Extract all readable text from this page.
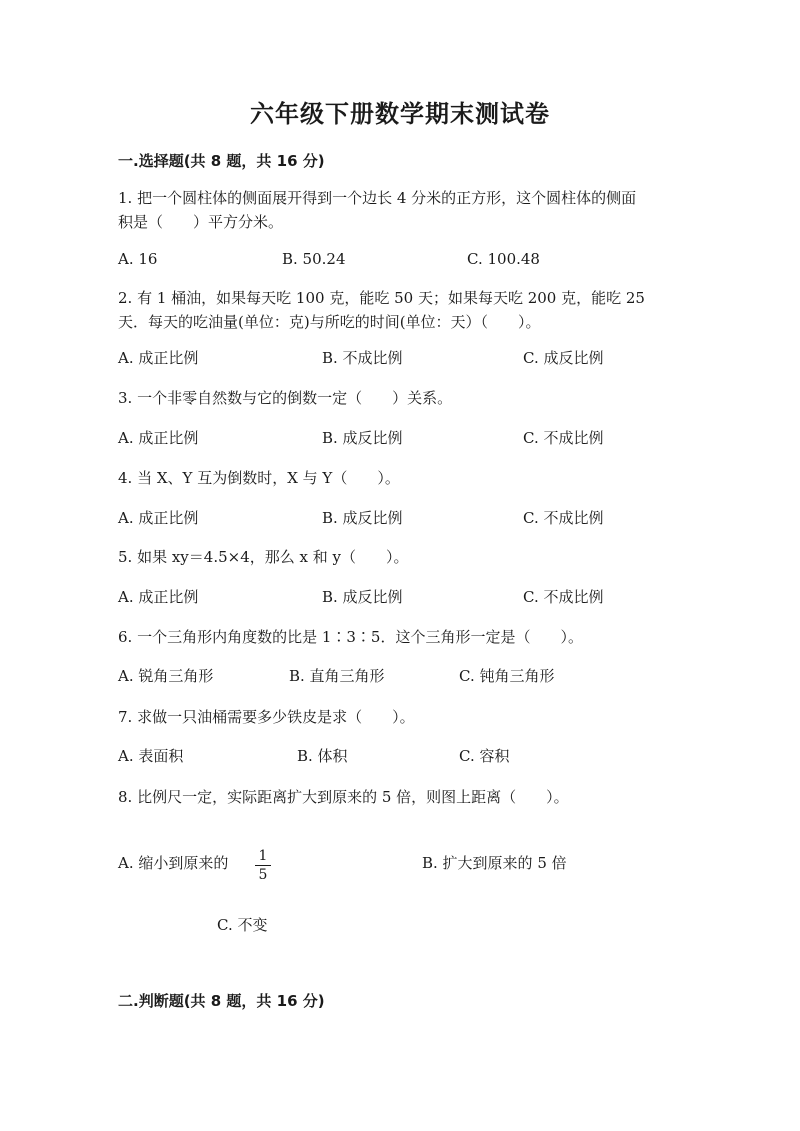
六年级下册数学期末测试卷
一.选择题(共 8 题，共 16 分)
1. 把一个圆柱体的侧面展开得到一个边长 4 分米的正方形，这个圆柱体的侧面
积是（　　）平方分米。
A. 16	B. 50.24	C. 100.48
2. 有 1 桶油，如果每天吃 100 克，能吃 50 天；如果每天吃 200 克，能吃 25
天．每天的吃油量(单位：克)与所吃的时间(单位：天）（　　）。
A. 成正比例	B. 不成比例	C. 成反比例
3. 一个非零自然数与它的倒数一定（　　）关系。
A. 成正比例	B. 成反比例	C. 不成比例
4. 当 X、Y 互为倒数时，X 与 Y（　　）。
A. 成正比例	B. 成反比例	C. 不成比例
5. 如果 xy＝4.5×4，那么 x 和 y（　　）。
A. 成正比例	B. 成反比例	C. 不成比例
6. 一个三角形内角度数的比是 1∶3∶5．这个三角形一定是（　　）。
A. 锐角三角形	B. 直角三角形	C. 钝角三角形
7. 求做一只油桶需要多少铁皮是求（　　）。
A. 表面积	B. 体积	C. 容积
8. 比例尺一定，实际距离扩大到原来的 5 倍，则图上距离（　　）。
A. 缩小到原来的 1
5
B. 扩大到原来的 5 倍
C. 不变
二.判断题(共 8 题，共 16 分)
